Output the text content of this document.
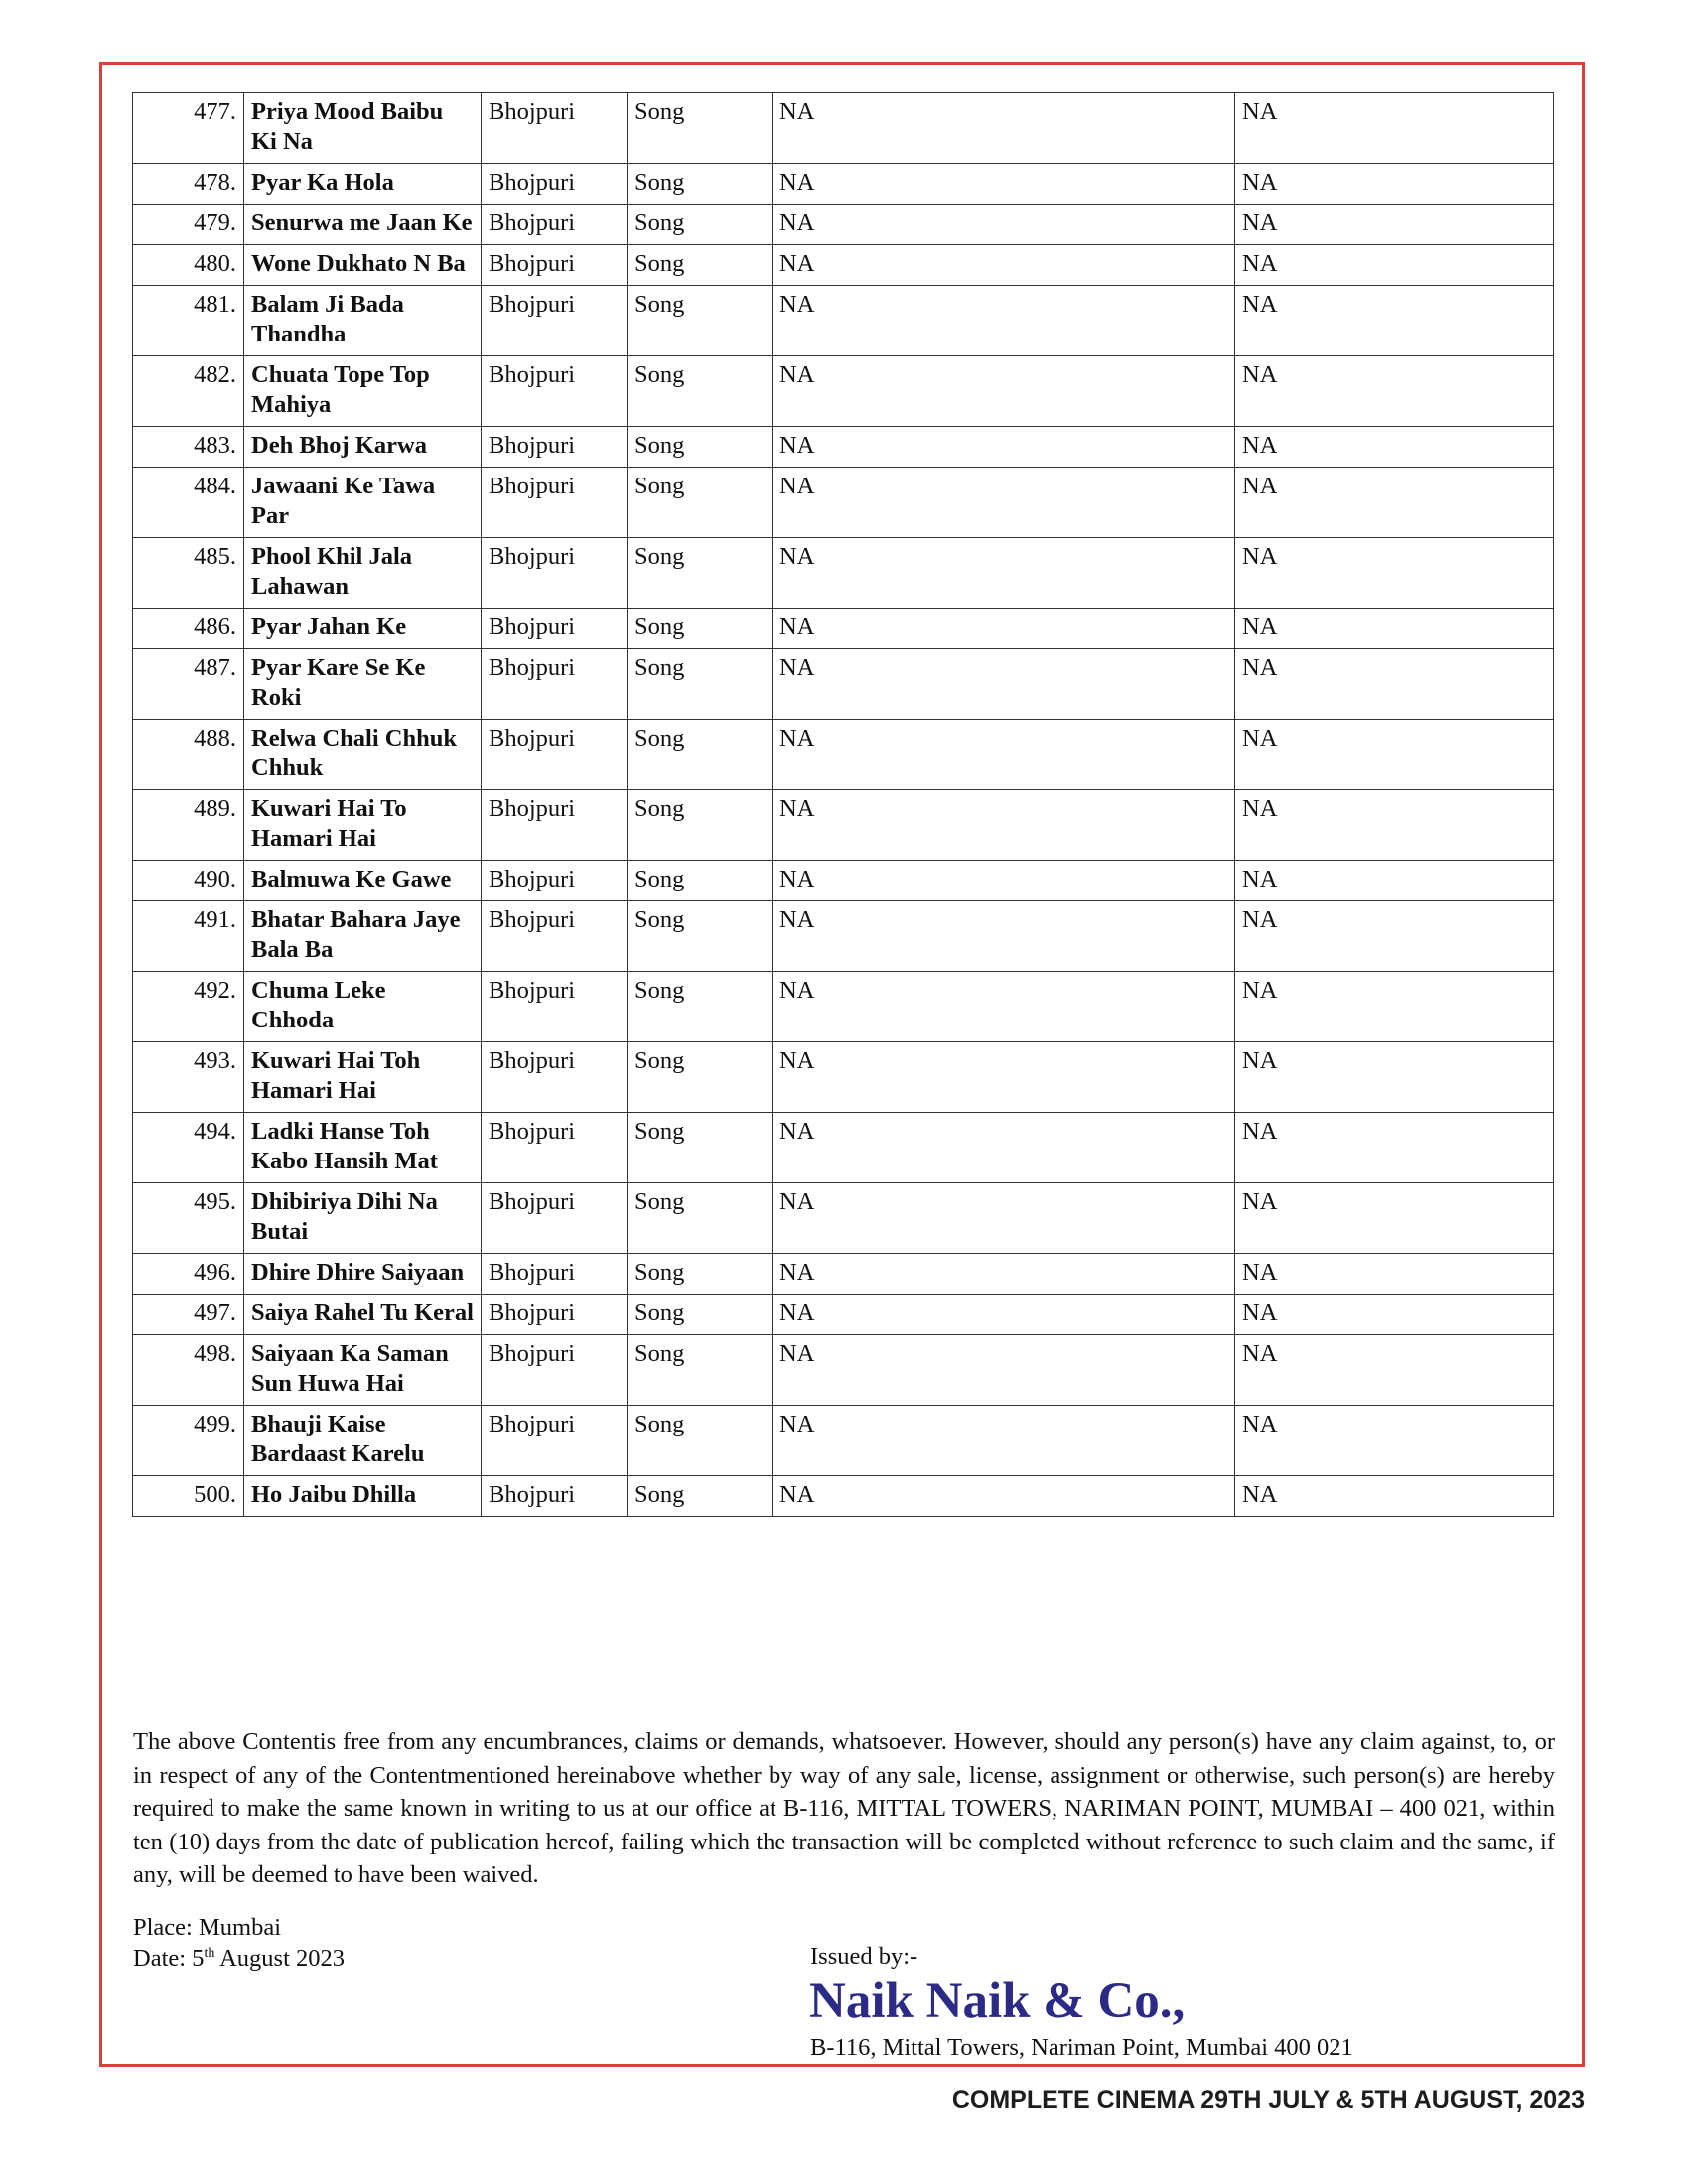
477.	Priya Mood Baibu Ki Na	Bhojpuri	Song	NA	NA
478.	Pyar Ka Hola	Bhojpuri	Song	NA	NA
479.	Senurwa me Jaan Ke	Bhojpuri	Song	NA	NA
480.	Wone Dukhato N Ba	Bhojpuri	Song	NA	NA
481.	Balam Ji Bada Thandha	Bhojpuri	Song	NA	NA
482.	Chuata Tope Top Mahiya	Bhojpuri	Song	NA	NA
483.	Deh Bhoj Karwa	Bhojpuri	Song	NA	NA
484.	Jawaani Ke Tawa Par	Bhojpuri	Song	NA	NA
485.	Phool Khil Jala Lahawan	Bhojpuri	Song	NA	NA
486.	Pyar Jahan Ke	Bhojpuri	Song	NA	NA
487.	Pyar Kare Se Ke Roki	Bhojpuri	Song	NA	NA
488.	Relwa Chali Chhuk Chhuk	Bhojpuri	Song	NA	NA
489.	Kuwari Hai To Hamari Hai	Bhojpuri	Song	NA	NA
490.	Balmuwa Ke Gawe	Bhojpuri	Song	NA	NA
491.	Bhatar Bahara Jaye Bala Ba	Bhojpuri	Song	NA	NA
492.	Chuma Leke Chhoda	Bhojpuri	Song	NA	NA
493.	Kuwari Hai Toh Hamari Hai	Bhojpuri	Song	NA	NA
494.	Ladki Hanse Toh Kabo Hansih Mat	Bhojpuri	Song	NA	NA
495.	Dhibiriya Dihi Na Butai	Bhojpuri	Song	NA	NA
496.	Dhire Dhire Saiyaan	Bhojpuri	Song	NA	NA
497.	Saiya Rahel Tu Keral	Bhojpuri	Song	NA	NA
498.	Saiyaan Ka Saman Sun Huwa Hai	Bhojpuri	Song	NA	NA
499.	Bhauji Kaise Bardaast Karelu	Bhojpuri	Song	NA	NA
500.	Ho Jaibu Dhilla	Bhojpuri	Song	NA	NA
The above Contentis free from any encumbrances, claims or demands, whatsoever. However, should any person(s) have any claim against, to, or in respect of any of the Contentmentioned hereinabove whether by way of any sale, license, assignment or otherwise, such person(s) are hereby required to make the same known in writing to us at our office at B-116, MITTAL TOWERS, NARIMAN POINT, MUMBAI – 400 021, within ten (10) days from the date of publication hereof, failing which the transaction will be completed without reference to such claim and the same, if any, will be deemed to have been waived.
Place: Mumbai
Date: 5th August 2023	Issued by:-
Naik Naik & Co.,
B-116, Mittal Towers, Nariman Point, Mumbai 400 021
COMPLETE CINEMA 29TH JULY & 5TH AUGUST, 2023
